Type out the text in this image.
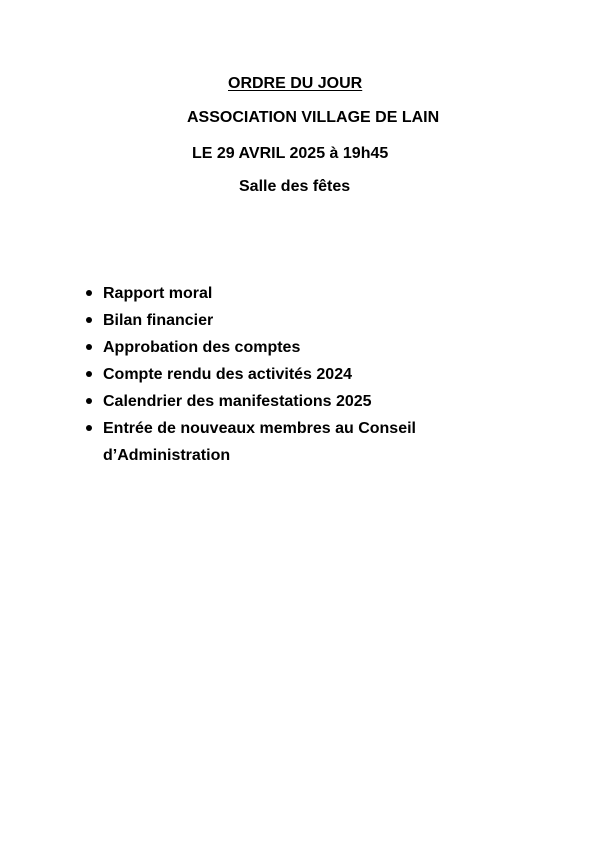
ORDRE DU JOUR
ASSOCIATION VILLAGE DE LAIN
LE 29 AVRIL 2025 à 19h45
Salle des fêtes
Rapport moral
Bilan financier
Approbation des comptes
Compte rendu des activités 2024
Calendrier des manifestations 2025
Entrée de nouveaux membres au Conseil
d’Administration
